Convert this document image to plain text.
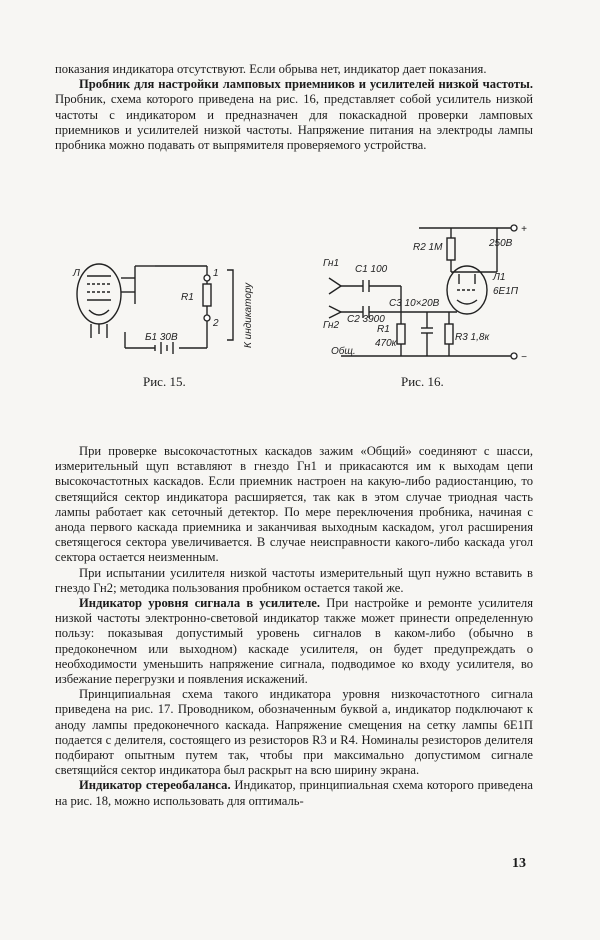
показания индикатора отсутствуют. Если обрыва нет, индикатор дает показания.

Пробник для настройки ламповых приемников и усилителей низкой частоты. Пробник, схема которого приведена на рис. 16, представляет собой усилитель низкой частоты с индикатором и предназначен для покаскадной проверки ламповых приемников и усилителей низкой частоты. Напряжение питания на электроды лампы пробника можно подавать от выпрямителя проверяемого устройства.

Л	1
2
R1
Б1 30В	К индикатору
Рис. 15.
Гн1
C1 100
R2 1М	250В
+
Л1
6Е1П
Гн2
C2 3900
C3 10×20В
R1
470к
R3 1,8к
Общ.
−
Рис. 16.

При проверке высокочастотных каскадов зажим «Общий» соединяют с шасси, измерительный щуп вставляют в гнездо Гн1 и прикасаются им к выходам цепи высокочастотных каскадов. Если приемник настроен на какую-либо радиостанцию, то светящийся сектор индикатора расширяется, так как в этом случае триодная часть лампы работает как сеточный детектор. По мере переключения пробника, начиная с анода первого каскада приемника и заканчивая выходным каскадом, угол расширения светящегося сектора увеличивается. В случае неисправности какого-либо каскада угол сектора остается неизменным.

При испытании усилителя низкой частоты измерительный щуп нужно вставить в гнездо Гн2; методика пользования пробником остается такой же.

Индикатор уровня сигнала в усилителе. При настройке и ремонте усилителя низкой частоты электронно-световой индикатор также может принести определенную пользу: показывая допустимый уровень сигналов в каком-либо (обычно в предоконечном или выходном) каскаде усилителя, он будет предупреждать о необходимости уменьшить напряжение сигнала, подводимое ко входу усилителя, во избежание перегрузки и появления искажений.

Принципиальная схема такого индикатора уровня низкочастотного сигнала приведена на рис. 17. Проводником, обозначенным буквой а, индикатор подключают к аноду лампы предоконечного каскада. Напряжение смещения на сетку лампы 6Е1П подается с делителя, состоящего из резисторов R3 и R4. Номиналы резисторов делителя подбирают опытным путем так, чтобы при максимально допустимом сигнале светящийся сектор индикатора был раскрыт на всю ширину экрана.

Индикатор стереобаланса. Индикатор, принципиальная схема которого приведена на рис. 18, можно использовать для оптималь-

13
